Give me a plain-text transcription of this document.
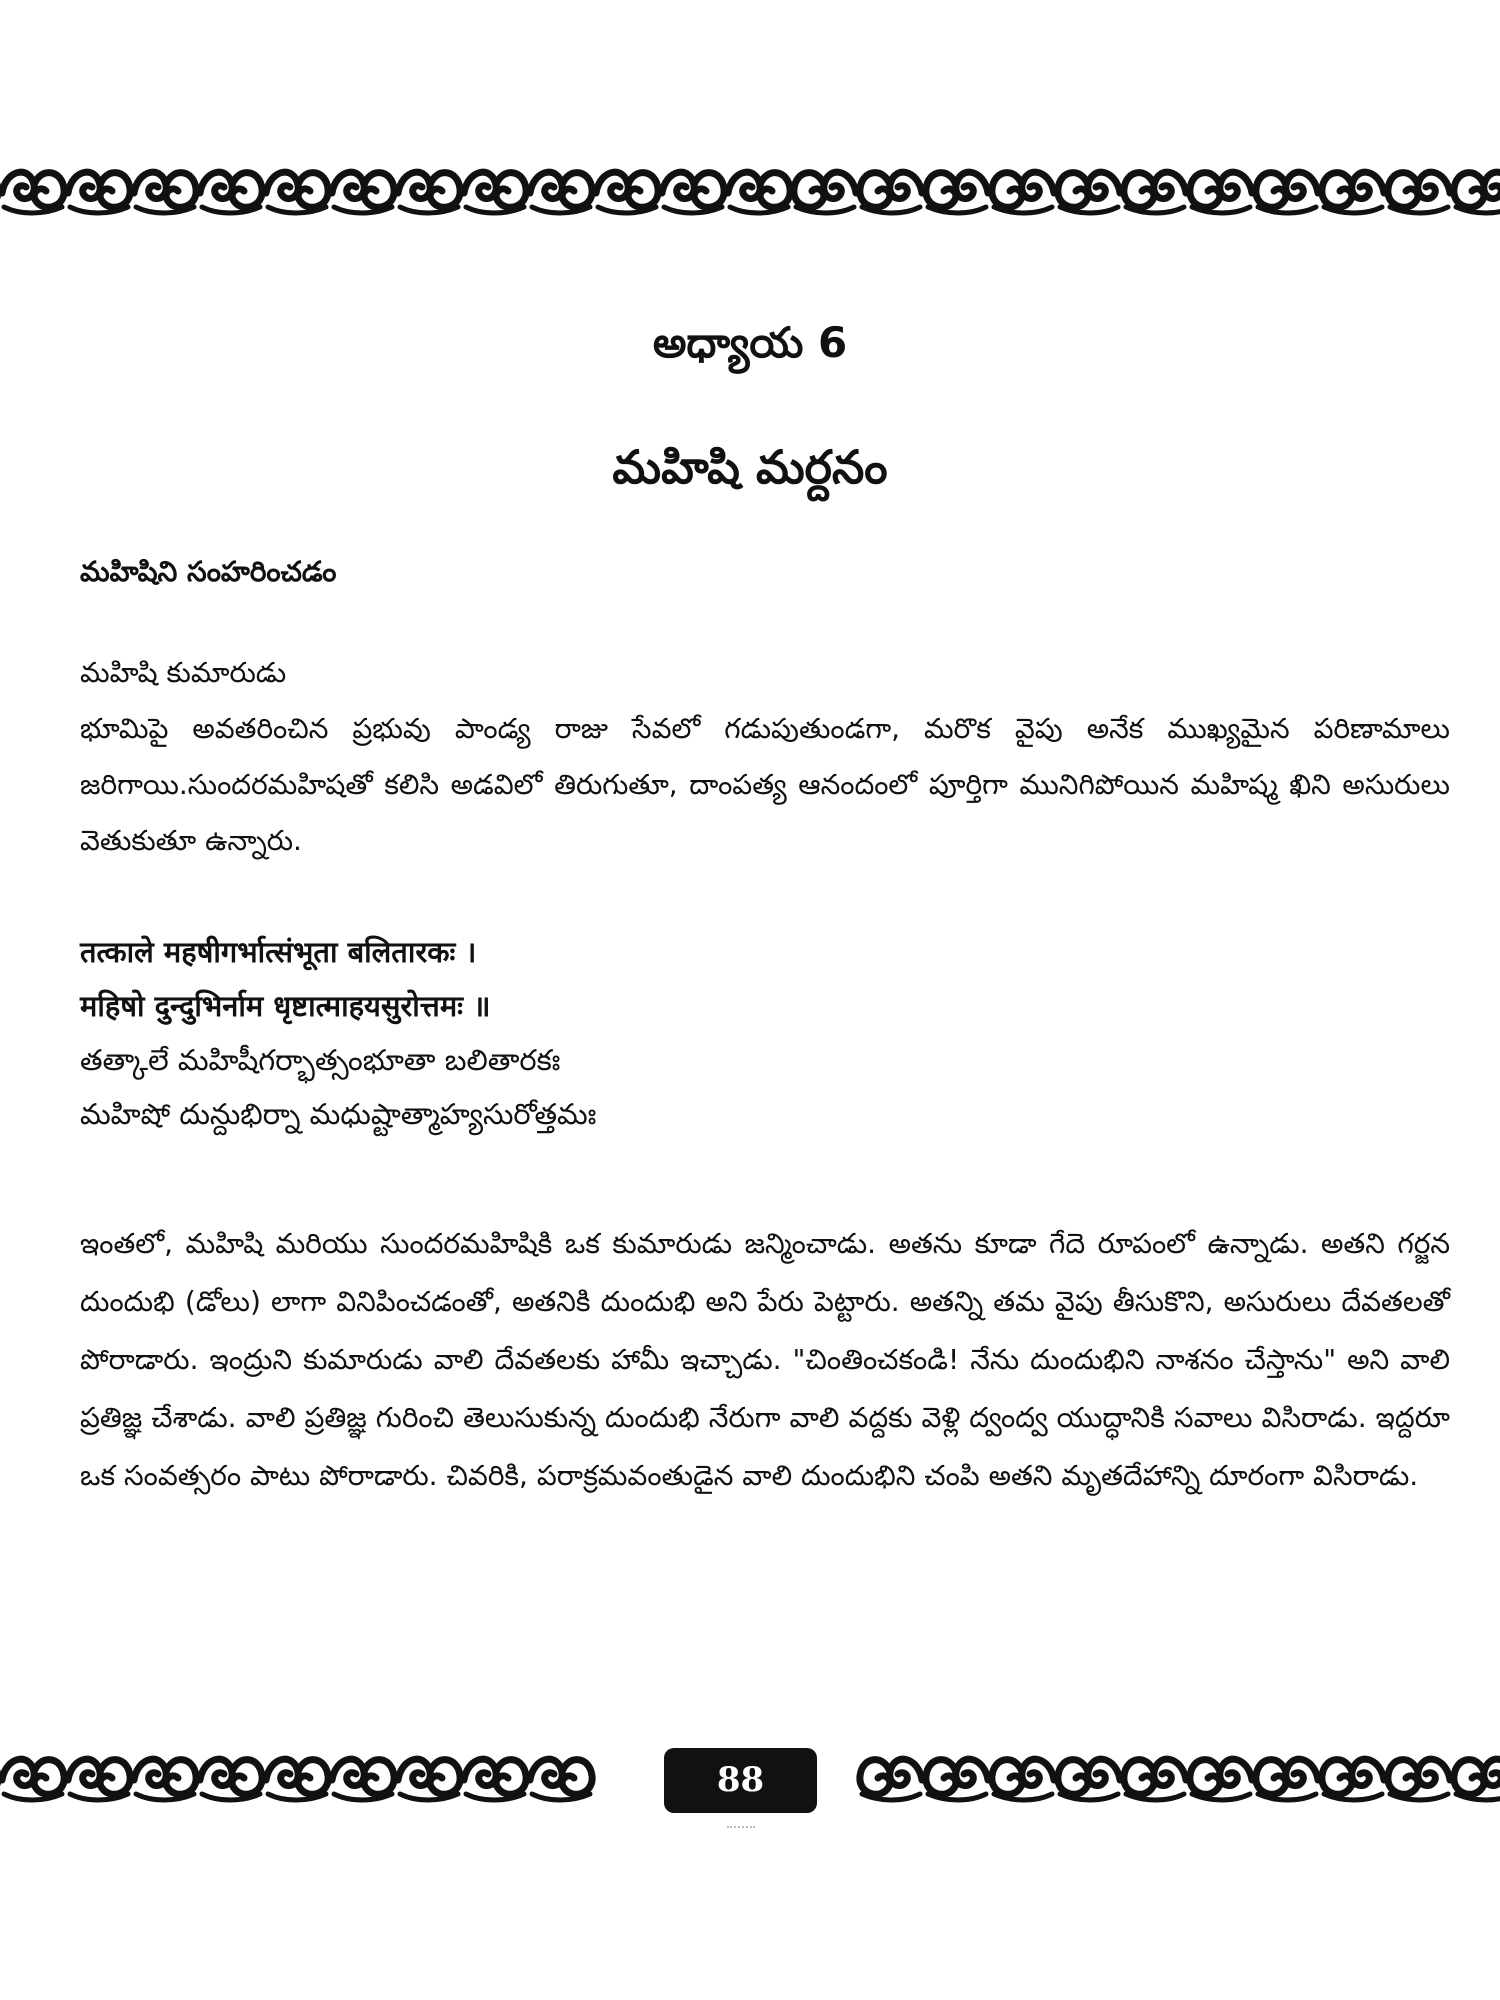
అధ్యాయ 6
మహిషి మర్దనం
మహిషిని సంహరించడం
మహిషి కుమారుడు
భూమిపై అవతరించిన ప్రభువు పాండ్య రాజు సేవలో గడుపుతుండగా, మరొక వైపు అనేక ముఖ్యమైన పరిణామాలు జరిగాయి.సుందరమహిషతో కలిసి అడవిలో తిరుగుతూ, దాంపత్య ఆనందంలో పూర్తిగా మునిగిపోయిన మహిష్మ ఖిని అసురులు వెతుకుతూ ఉన్నారు.
तत्काले महषीगर्भात्संभूता बलितारकः ।
महिषो दुन्दुभिर्नाम धृष्टात्माहयसुरोत्तमः ॥
తత్కాలే మహిషీగర్భాత్సంభూతా బలితారకః
మహిషో దున్దుభిర్నా మధుష్టాత్మాహ్యసురోత్తమః
ఇంతలో, మహిషి మరియు సుందరమహిషికి ఒక కుమారుడు జన్మించాడు. అతను కూడా గేదె రూపంలో ఉన్నాడు. అతని గర్జన దుందుభి (డోలు) లాగా వినిపించడంతో, అతనికి దుందుభి అని పేరు పెట్టారు. అతన్ని తమ వైపు తీసుకొని, అసురులు దేవతలతో పోరాడారు. ఇంద్రుని కుమారుడు వాలి దేవతలకు హామీ ఇచ్చాడు. "చింతించకండి! నేను దుందుభిని నాశనం చేస్తాను" అని వాలి ప్రతిజ్ఞ చేశాడు. వాలి ప్రతిజ్ఞ గురించి తెలుసుకున్న దుందుభి నేరుగా వాలి వద్దకు వెళ్లి ద్వంద్వ యుద్ధానికి సవాలు విసిరాడు. ఇద్దరూ ఒక సంవత్సరం పాటు పోరాడారు. చివరికి, పరాక్రమవంతుడైన వాలి దుందుభిని చంపి అతని మృతదేహాన్ని దూరంగా విసిరాడు.
88
